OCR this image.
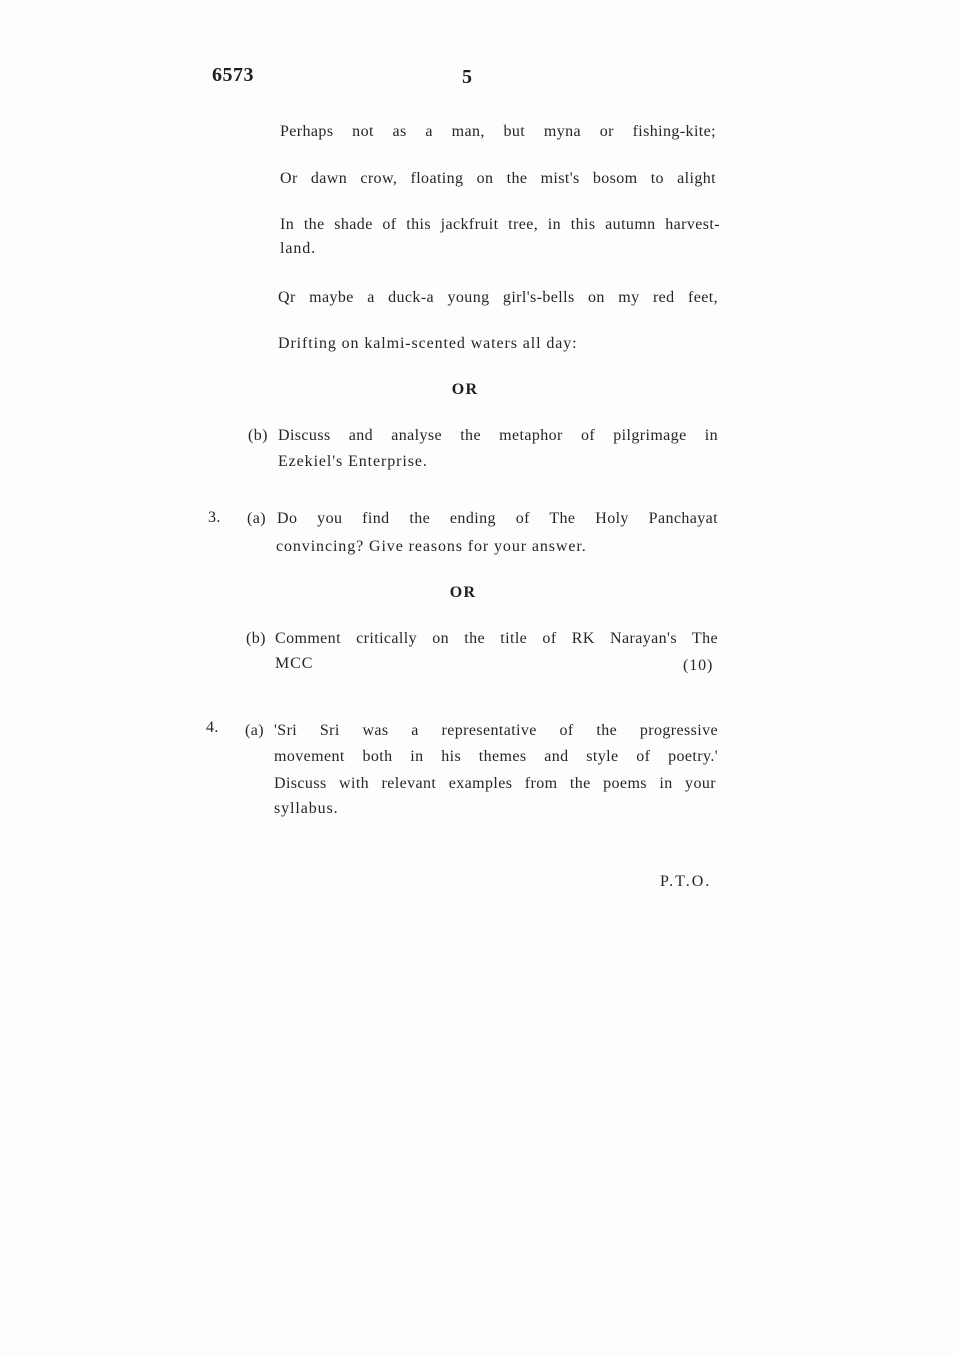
6573	5
Perhaps not as a man, but myna or fishing-kite;
Or dawn crow, floating on the mist's bosom to alight
In the shade of this jackfruit tree, in this autumn harvest-
land.
Qr maybe a duck-a young girl's-bells on my red feet,
Drifting on kalmi-scented waters all day:
OR
(b) Discuss and analyse the metaphor of pilgrimage in
Ezekiel's Enterprise.
3. (a) Do you find the ending of The Holy Panchayat
convincing? Give reasons for your answer.
OR
(b) Comment critically on the title of RK Narayan's The
MCC	(10)
4. (a) 'Sri Sri was a representative of the progressive
movement both in his themes and style of poetry.'
Discuss with relevant examples from the poems in your
syllabus.
P.T.O.
